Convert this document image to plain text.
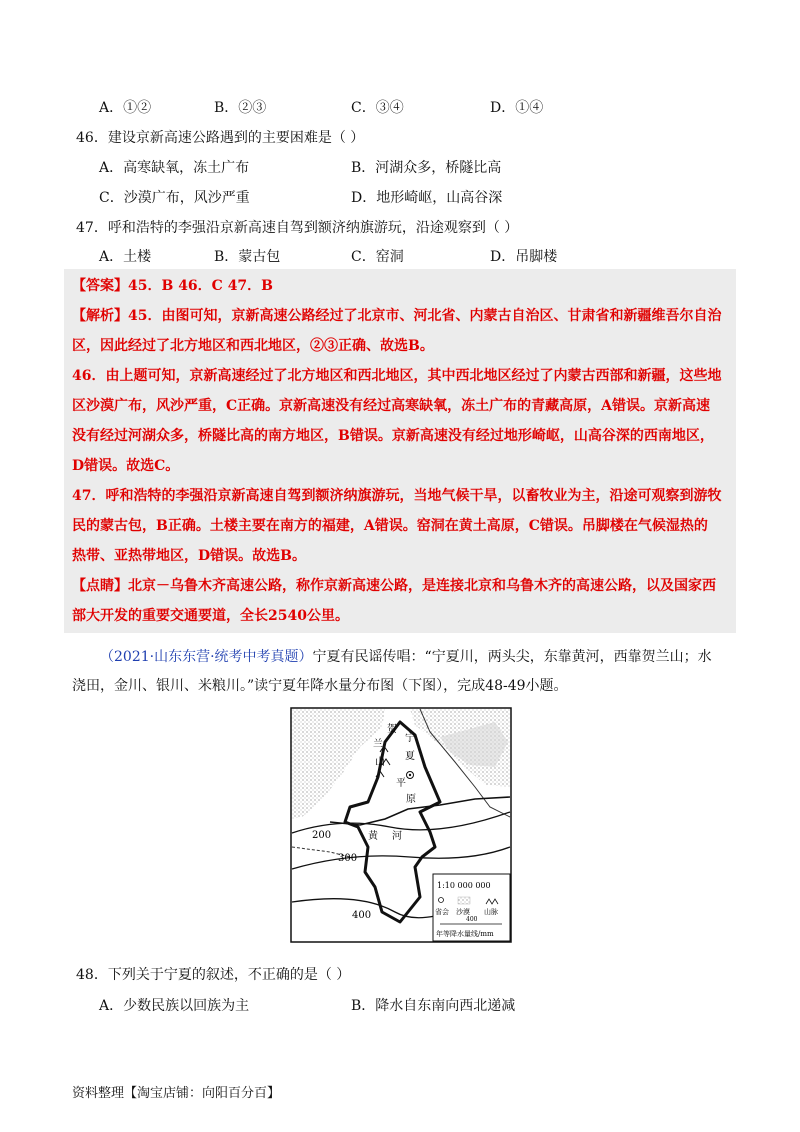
A．①②	B．②③	C．③④	D．①④
46．建设京新高速公路遇到的主要困难是（ ）
A．高寒缺氧，冻土广布	B．河湖众多，桥隧比高
C．沙漠广布，风沙严重	D．地形崎岖，山高谷深
47．呼和浩特的李强沿京新高速自驾到额济纳旗游玩，沿途观察到（ ）
A．土楼	B．蒙古包	C．窑洞	D．吊脚楼
【答案】45．B 46．C 47．B
【解析】45．由图可知，京新高速公路经过了北京市、河北省、内蒙古自治区、甘肃省和新疆维吾尔自治
区，因此经过了北方地区和西北地区，②③正确、故选B。
46．由上题可知，京新高速经过了北方地区和西北地区，其中西北地区经过了内蒙古西部和新疆，这些地
区沙漠广布，风沙严重，C正确。京新高速没有经过高寒缺氧，冻土广布的青藏高原，A错误。京新高速
没有经过河湖众多，桥隧比高的南方地区，B错误。京新高速没有经过地形崎岖，山高谷深的西南地区，
D错误。故选C。
47．呼和浩特的李强沿京新高速自驾到额济纳旗游玩，当地气候干旱，以畜牧业为主，沿途可观察到游牧
民的蒙古包，B正确。土楼主要在南方的福建，A错误。窑洞在黄土高原，C错误。吊脚楼在气候湿热的
热带、亚热带地区，D错误。故选B。
【点睛】北京－乌鲁木齐高速公路，称作京新高速公路，是连接北京和乌鲁木齐的高速公路，以及国家西
部大开发的重要交通要道，全长2540公里。
（2021·山东东营·统考中考真题）宁夏有民谣传唱：“宁夏川，两头尖，东靠黄河，西靠贺兰山；水
浇田，金川、银川、米粮川。”读宁夏年降水量分布图（下图），完成48-49小题。
贺
兰
山
宁
夏
平
原
黄 河
200
300
400
1:10 000 000
省会 沙漠 山脉
400
年等降水量线/mm
48．下列关于宁夏的叙述，不正确的是（ ）
A．少数民族以回族为主	B．降水自东南向西北递减
资料整理【淘宝店铺：向阳百分百】
